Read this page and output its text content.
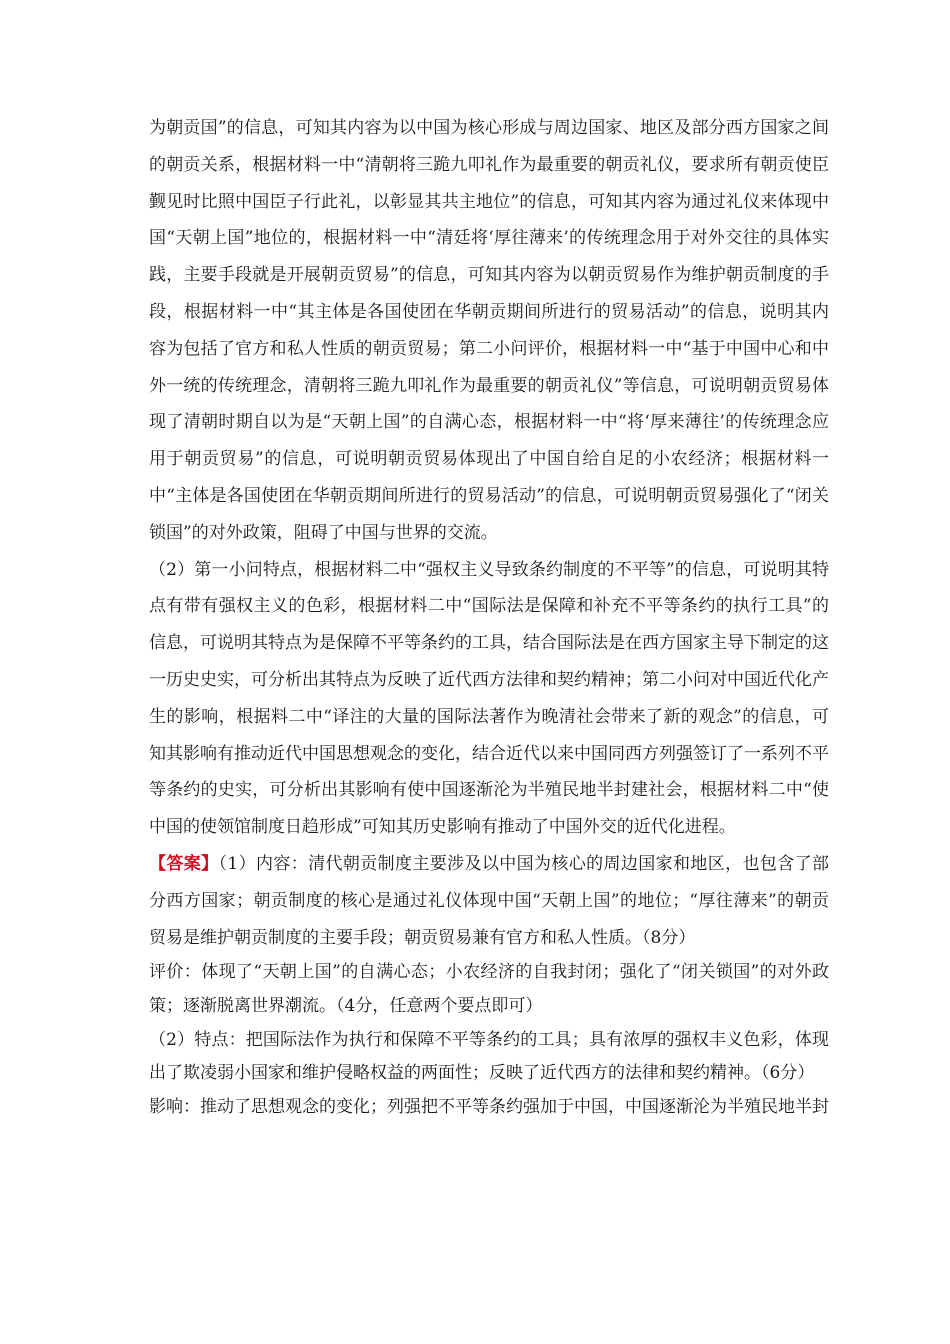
为朝贡国”的信息，可知其内容为以中国为核心形成与周边国家、地区及部分西方国家之间的朝贡关系，根据材料一中“清朝将三跪九叩礼作为最重要的朝贡礼仪，要求所有朝贡使臣觐见时比照中国臣子行此礼，以彰显其共主地位”的信息，可知其内容为通过礼仪来体现中国“天朝上国”地位的，根据材料一中“清廷将‘厚往薄来’的传统理念用于对外交往的具体实践，主要手段就是开展朝贡贸易”的信息，可知其内容为以朝贡贸易作为维护朝贡制度的手段，根据材料一中“其主体是各国使团在华朝贡期间所进行的贸易活动”的信息，说明其内容为包括了官方和私人性质的朝贡贸易；第二小问评价，根据材料一中“基于中国中心和中外一统的传统理念，清朝将三跪九叩礼作为最重要的朝贡礼仪”等信息，可说明朝贡贸易体现了清朝时期自以为是“天朝上国”的自满心态，根据材料一中“将‘厚来薄往’的传统理念应用于朝贡贸易”的信息，可说明朝贡贸易体现出了中国自给自足的小农经济；根据材料一中“主体是各国使团在华朝贡期间所进行的贸易活动”的信息，可说明朝贡贸易强化了“闭关锁国”的对外政策，阻碍了中国与世界的交流。

（2）第一小问特点，根据材料二中“强权主义导致条约制度的不平等”的信息，可说明其特点有带有强权主义的色彩，根据材料二中“国际法是保障和补充不平等条约的执行工具”的信息，可说明其特点为是保障不平等条约的工具，结合国际法是在西方国家主导下制定的这一历史史实，可分析出其特点为反映了近代西方法律和契约精神；第二小问对中国近代化产生的影响，根据料二中“译注的大量的国际法著作为晚清社会带来了新的观念”的信息，可知其影响有推动近代中国思想观念的变化，结合近代以来中国同西方列强签订了一系列不平等条约的史实，可分析出其影响有使中国逐渐沦为半殖民地半封建社会，根据材料二中“使中国的使领馆制度日趋形成”可知其历史影响有推动了中国外交的近代化进程。

【答案】（1）内容：清代朝贡制度主要涉及以中国为核心的周边国家和地区，也包含了部分西方国家；朝贡制度的核心是通过礼仪体现中国“天朝上国”的地位；“厚往薄来”的朝贡贸易是维护朝贡制度的主要手段；朝贡贸易兼有官方和私人性质。（8分）

评价：体现了“天朝上国”的自满心态；小农经济的自我封闭；强化了“闭关锁国”的对外政策；逐渐脱离世界潮流。（4分，任意两个要点即可）

（2）特点：把国际法作为执行和保障不平等条约的工具；具有浓厚的强权丰义色彩，体现出了欺凌弱小国家和维护侵略权益的两面性；反映了近代西方的法律和契约精神。（6分）

影响：推动了思想观念的变化；列强把不平等条约强加于中国，中国逐渐沦为半殖民地半封
